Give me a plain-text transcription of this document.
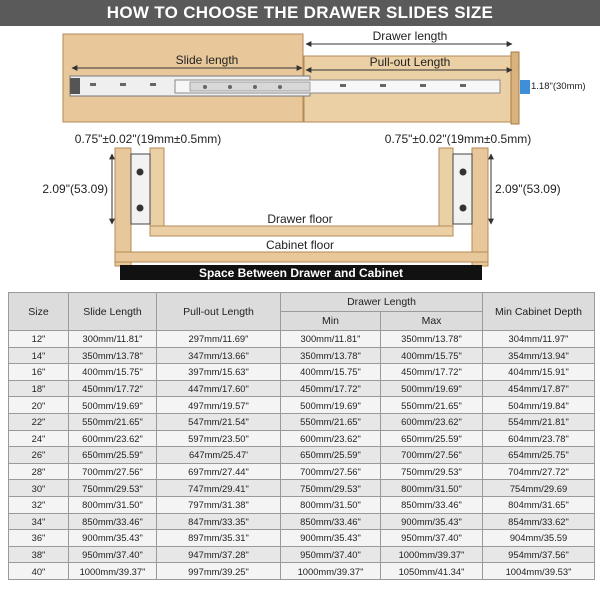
HOW TO CHOOSE THE DRAWER SLIDES SIZE
Drawer length
Slide length	Pull-out Length
1.18"(30mm)
0.75"±0.02"(19mm±0.5mm)	0.75"±0.02"(19mm±0.5mm)
2.09"(53.09)	2.09"(53.09)
Drawer floor
Cabinet floor
Space Between Drawer and Cabinet
Size	Slide Length	Pull-out Length	Drawer Length		Min Cabinet Depth
			Min	Max	
12"	300mm/11.81"	297mm/11.69"	300mm/11.81"	350mm/13.78"	304mm/11.97"
14"	350mm/13.78"	347mm/13.66"	350mm/13.78"	400mm/15.75"	354mm/13.94"
16"	400mm/15.75"	397mm/15.63"	400mm/15.75"	450mm/17.72"	404mm/15.91"
18"	450mm/17.72"	447mm/17.60"	450mm/17.72"	500mm/19.69"	454mm/17.87"
20"	500mm/19.69"	497mm/19.57"	500mm/19.69"	550mm/21.65"	504mm/19.84"
22"	550mm/21.65"	547mm/21.54"	550mm/21.65"	600mm/23.62"	554mm/21.81"
24"	600mm/23.62"	597mm/23.50"	600mm/23.62"	650mm/25.59"	604mm/23.78"
26"	650mm/25.59"	647mm/25.47'	650mm/25.59"	700mm/27.56"	654mm/25.75"
28"	700mm/27.56"	697mm/27.44"	700mm/27.56"	750mm/29.53"	704mm/27.72"
30"	750mm/29.53"	747mm/29.41"	750mm/29.53"	800mm/31.50"	754mm/29.69
32"	800mm/31.50"	797mm/31.38"	800mm/31.50"	850mm/33.46"	804mm/31.65"
34"	850mm/33.46"	847mm/33.35"	850mm/33.46"	900mm/35.43"	854mm/33.62"
36"	900mm/35.43"	897mm/35.31"	900mm/35.43"	950mm/37.40"	904mm/35.59
38"	950mm/37.40"	947mm/37.28"	950mm/37.40"	1000mm/39.37"	954mm/37.56"
40"	1000mm/39.37"	997mm/39.25"	1000mm/39.37"	1050mm/41.34"	1004mm/39.53"
